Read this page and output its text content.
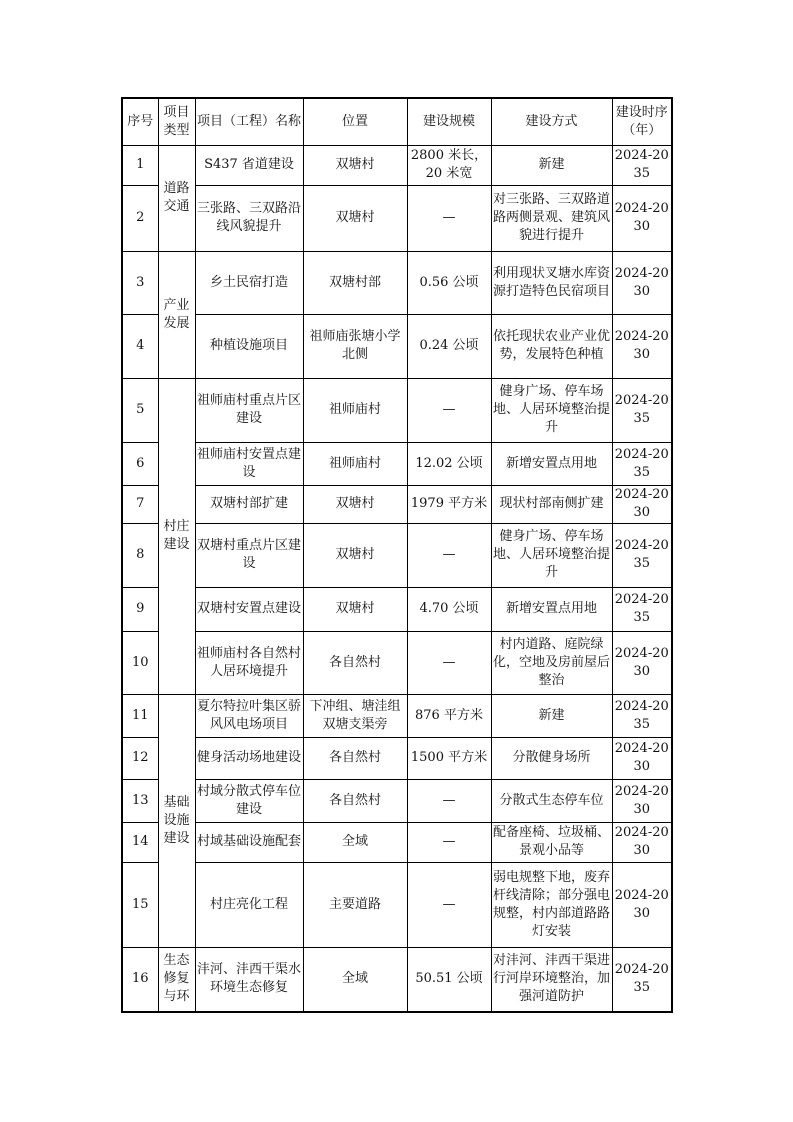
序号	项目类型	项目（工程）名称	位置	建设规模	建设方式	建设时序（年）
1	道路交通	S437 省道建设	双塘村	2800 米长，20 米宽	新建	2024-2035
2		三张路、三双路沿线风貌提升	双塘村	—	对三张路、三双路道路两侧景观、建筑风貌进行提升	2024-2030
3	产业发展	乡土民宿打造	双塘村部	0.56 公顷	利用现状叉塘水库资源打造特色民宿项目	2024-2030
4		种植设施项目	祖师庙张塘小学北侧	0.24 公顷	依托现状农业产业优势，发展特色种植	2024-2030
5	村庄建设	祖师庙村重点片区建设	祖师庙村	—	健身广场、停车场地、人居环境整治提升	2024-2035
6		祖师庙村安置点建设	祖师庙村	12.02 公顷	新增安置点用地	2024-2035
7		双塘村部扩建	双塘村	1979 平方米	现状村部南侧扩建	2024-2030
8		双塘村重点片区建设	双塘村	—	健身广场、停车场地、人居环境整治提升	2024-2035
9		双塘村安置点建设	双塘村	4.70 公顷	新增安置点用地	2024-2035
10		祖师庙村各自然村人居环境提升	各自然村	—	村内道路、庭院绿化，空地及房前屋后整治	2024-2030
11	基础设施建设	夏尔特拉叶集区骄风风电场项目	下冲组、塘洼组双塘支渠旁	876 平方米	新建	2024-2035
12		健身活动场地建设	各自然村	1500 平方米	分散健身场所	2024-2030
13		村域分散式停车位建设	各自然村	—	分散式生态停车位	2024-2030
14		村域基础设施配套	全域	—	配备座椅、垃圾桶、景观小品等	2024-2030
15		村庄亮化工程	主要道路	—	弱电规整下地，废弃杆线清除；部分强电规整，村内部道路路灯安装	2024-2030
16	生态修复与环	沣河、沣西干渠水环境生态修复	全域	50.51 公顷	对沣河、沣西干渠进行河岸环境整治，加强河道防护	2024-2035
